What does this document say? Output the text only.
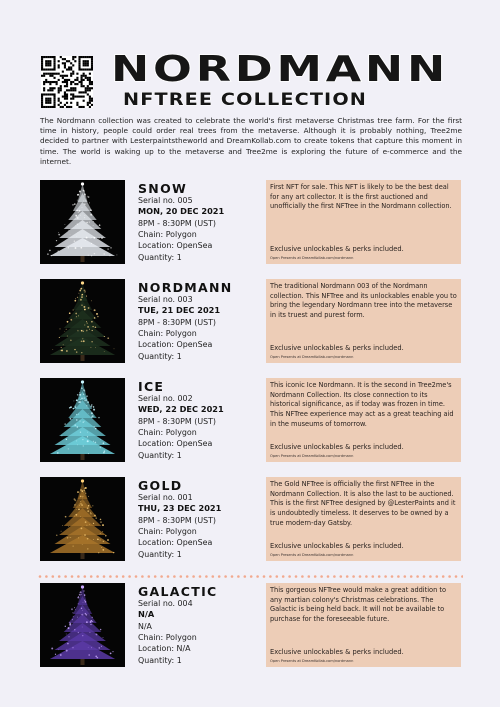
NORDMANN
NFTREE COLLECTION

The Nordmann collection was created to celebrate the world's first metaverse Christmas tree farm. For the first time in history, people could order real trees from the metaverse. Although it is probably nothing, Tree2me decided to partner with Lesterpaintstheworld and DreamKollab.com to create tokens that capture this moment in time. The world is waking up to the metaverse and Tree2me is exploring the future of e-commerce and the internet.

SNOW
Serial no. 005
MON, 20 DEC 2021
8PM - 8:30PM (UST)
Chain: Polygon
Location: OpenSea
Quantity: 1

First NFT for sale. This NFT is likely to be the best deal for any art collector. It is the first auctioned and unofficially the first NFTree in the Nordmann collection.

Exclusive unlockables & perks included.

Open Presents at DreamKollab.com/nordmann

NORDMANN
Serial no. 003
TUE, 21 DEC 2021
8PM - 8:30PM (UST)
Chain: Polygon
Location: OpenSea
Quantity: 1

The traditional Nordmann 003 of the Nordmann collection. This NFTree and its unlockables enable you to bring the legendary Nordmann tree into the metaverse in its truest and purest form.

Exclusive unlockables & perks included.

Open Presents at DreamKollab.com/nordmann

ICE
Serial no. 002
WED, 22 DEC 2021
8PM - 8:30PM (UST)
Chain: Polygon
Location: OpenSea
Quantity: 1

This iconic Ice Nordmann. It is the second in Tree2me's Nordmann Collection. Its close connection to its historical significance, as if today was frozen in time. This NFTree experience may act as a great teaching aid in the museums of tomorrow.

Exclusive unlockables & perks included.

Open Presents at DreamKollab.com/nordmann

GOLD
Serial no. 001
THU, 23 DEC 2021
8PM - 8:30PM (UST)
Chain: Polygon
Location: OpenSea
Quantity: 1

The Gold NFTree is officially the first NFTree in the Nordmann Collection. It is also the last to be auctioned. This is the first NFTree designed by @LesterPaints and it is undoubtedly timeless. It deserves to be owned by a true modern-day Gatsby.

Exclusive unlockables & perks included.

Open Presents at DreamKollab.com/nordmann

GALACTIC
Serial no. 004
N/A
N/A
Chain: Polygon
Location: N/A
Quantity: 1

This gorgeous NFTree would make a great addition to any martian colony's Christmas celebrations. The Galactic is being held back. It will not be available to purchase for the foreseeable future.

Exclusive unlockables & perks included.

Open Presents at DreamKollab.com/nordmann
